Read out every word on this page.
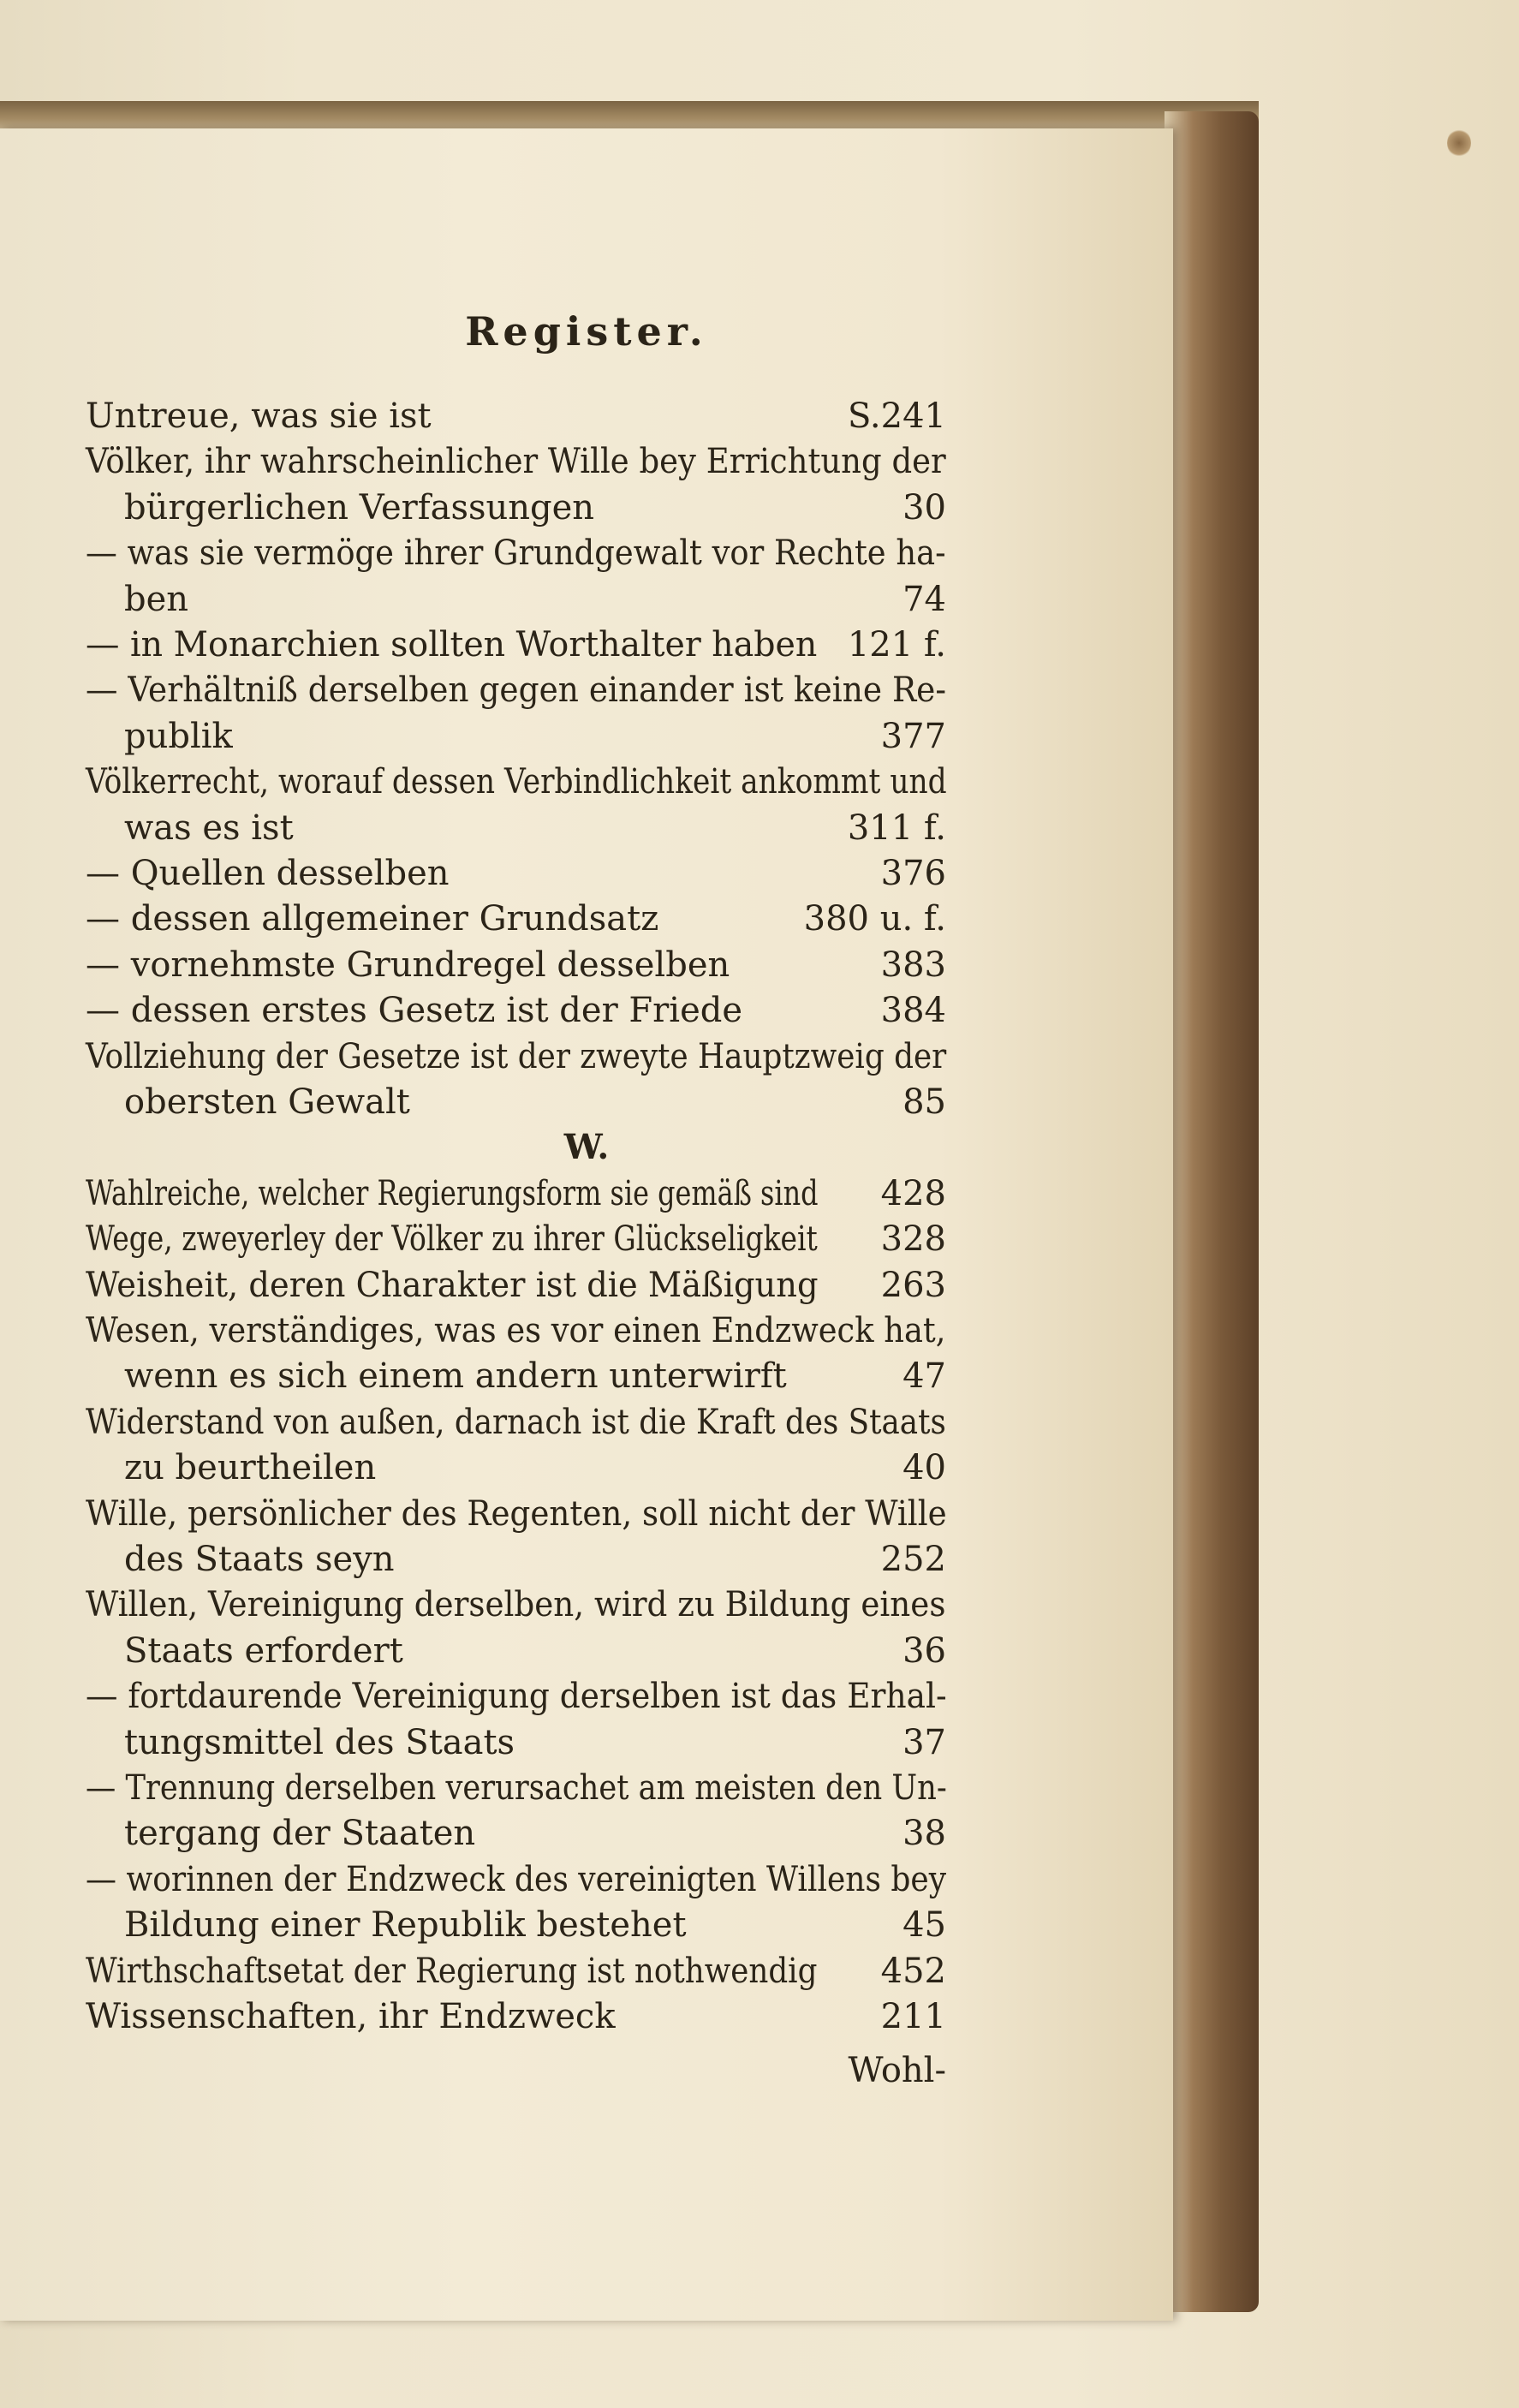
Register.
Untreue, was sie ist	S.241
Völker, ihr wahrscheinlicher Wille bey Errichtung der
bürgerlichen Verfassungen	30
— was sie vermöge ihrer Grundgewalt vor Rechte ha-
ben	74
— in Monarchien sollten Worthalter haben 121 f.
— Verhältniß derselben gegen einander ist keine Re-
publik	377
Völkerrecht, worauf dessen Verbindlichkeit ankommt und
was es ist	311 f.
— Quellen desselben	376
— dessen allgemeiner Grundsatz	380 u. f.
— vornehmste Grundregel desselben	383
— dessen erstes Gesetz ist der Friede	384
Vollziehung der Gesetze ist der zweyte Hauptzweig der
obersten Gewalt	85
W.
Wahlreiche, welcher Regierungsform sie gemäß sind 428
Wege, zweyerley der Völker zu ihrer Glückseligkeit 328
Weisheit, deren Charakter ist die Mäßigung 263
Wesen, verständiges, was es vor einen Endzweck hat,
wenn es sich einem andern unterwirft	47
Widerstand von außen, darnach ist die Kraft des Staats
zu beurtheilen	40
Wille, persönlicher des Regenten, soll nicht der Wille
des Staats seyn	252
Willen, Vereinigung derselben, wird zu Bildung eines
Staats erfordert	36
— fortdaurende Vereinigung derselben ist das Erhal-
tungsmittel des Staats	37
— Trennung derselben verursachet am meisten den Un-
tergang der Staaten	38
— worinnen der Endzweck des vereinigten Willens bey
Bildung einer Republik bestehet	45
Wirthschaftsetat der Regierung ist nothwendig 452
Wissenschaften, ihr Endzweck	211
Wohl-
